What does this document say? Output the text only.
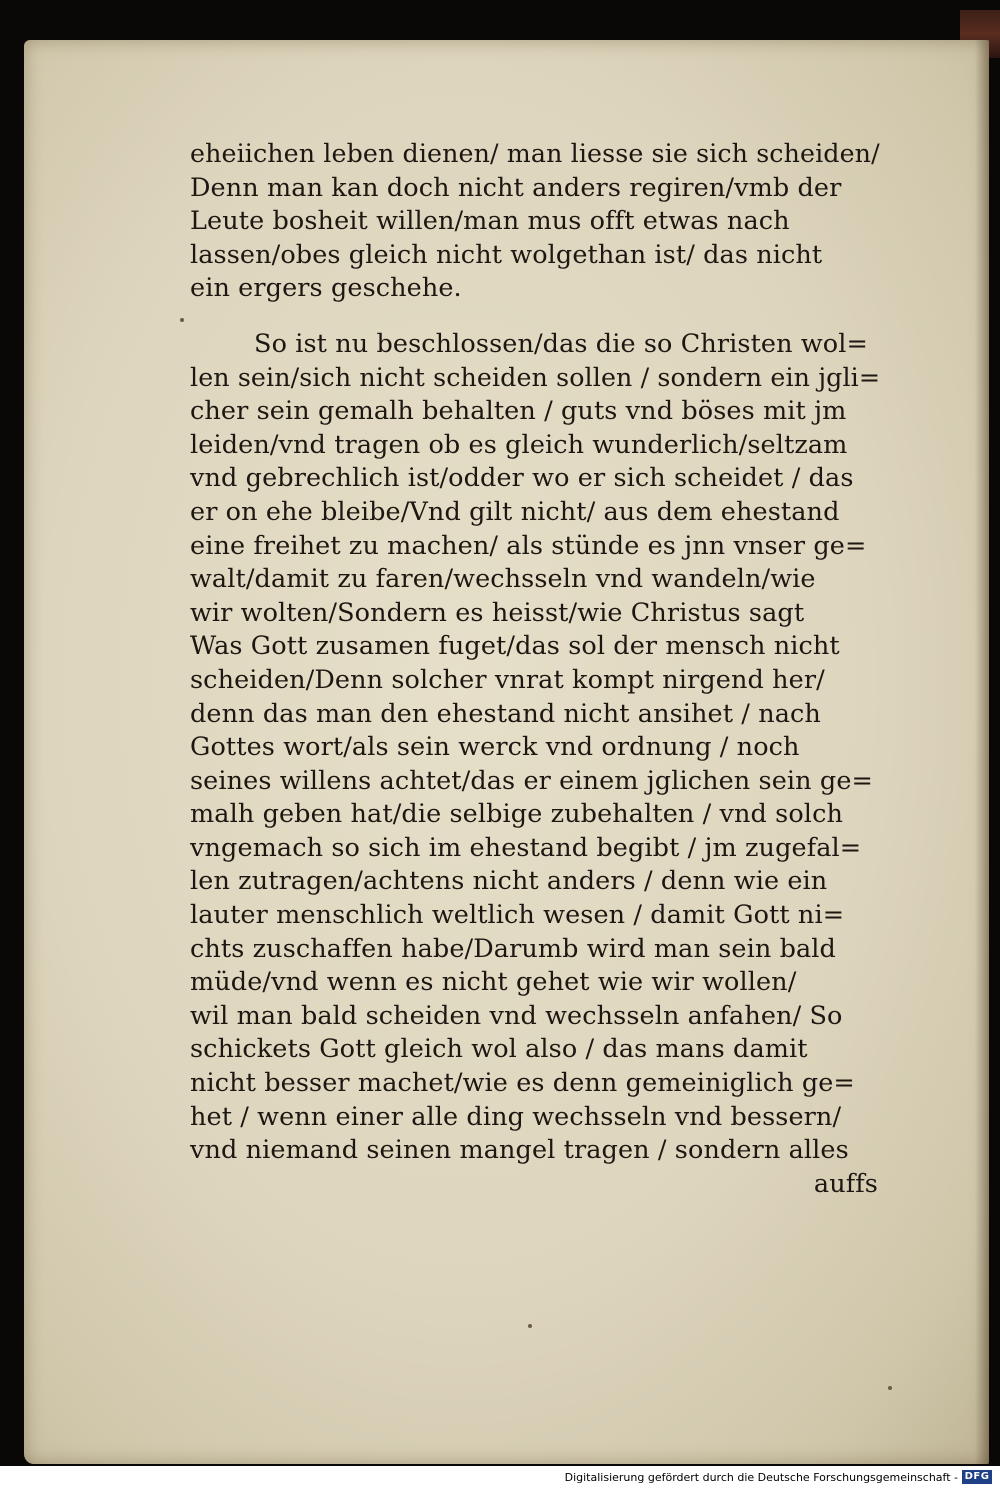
eheiichen leben dienen/ man liesse sie sich scheiden/
Denn man kan doch nicht anders regiren/vmb der
Leute bosheit willen/man mus offt etwas nach
lassen/obes gleich nicht wolgethan ist/ das nicht
ein ergers geschehe.
So ist nu beschlossen/das die so Christen wol=
len sein/sich nicht scheiden sollen / sondern ein jgli=
cher sein gemalh behalten / guts vnd böses mit jm
leiden/vnd tragen ob es gleich wunderlich/seltzam
vnd gebrechlich ist/odder wo er sich scheidet / das
er on ehe bleibe/Vnd gilt nicht/ aus dem ehestand
eine freihet zu machen/ als stünde es jnn vnser ge=
walt/damit zu faren/wechsseln vnd wandeln/wie
wir wolten/Sondern es heisst/wie Christus sagt
Was Gott zusamen fuget/das sol der mensch nicht
scheiden/Denn solcher vnrat kompt nirgend her/
denn das man den ehestand nicht ansihet / nach
Gottes wort/als sein werck vnd ordnung / noch
seines willens achtet/das er einem jglichen sein ge=
malh geben hat/die selbige zubehalten / vnd solch
vngemach so sich im ehestand begibt / jm zugefal=
len zutragen/achtens nicht anders / denn wie ein
lauter menschlich weltlich wesen / damit Gott ni=
chts zuschaffen habe/Darumb wird man sein bald
müde/vnd wenn es nicht gehet wie wir wollen/
wil man bald scheiden vnd wechsseln anfahen/ So
schickets Gott gleich wol also / das mans damit
nicht besser machet/wie es denn gemeiniglich ge=
het / wenn einer alle ding wechsseln vnd bessern/
vnd niemand seinen mangel tragen / sondern alles
auffs
Digitalisierung gefördert durch die Deutsche Forschungsgemeinschaft - DFG
